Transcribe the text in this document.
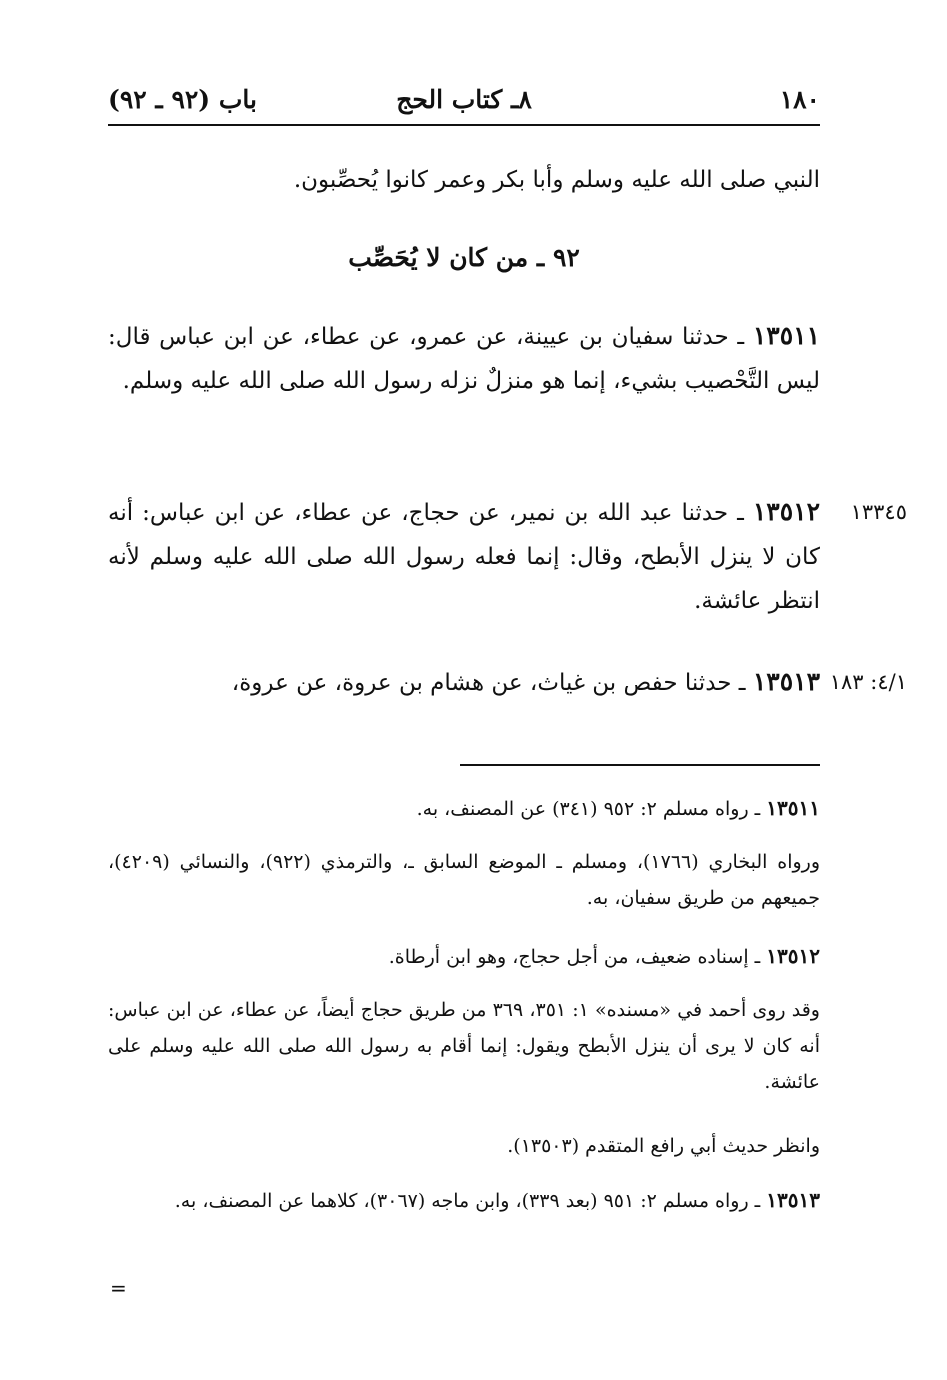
١٨٠
٨ـ كتاب الحج
باب (٩٢ ـ ٩٢)
النبي صلى الله عليه وسلم وأبا بكر وعمر كانوا يُحصِّبون.
٩٢ ـ من كان لا يُحَصِّب
١٣٥١١ ـ حدثنا سفيان بن عيينة، عن عمرو، عن عطاء، عن ابن عباس قال: ليس التَّحْصيب بشيء، إنما هو منزلٌ نزله رسول الله صلى الله عليه وسلم.
١٣٥١٢ ـ حدثنا عبد الله بن نمير، عن حجاج، عن عطاء، عن ابن عباس: أنه كان لا ينزل الأبطح، وقال: إنما فعله رسول الله صلى الله عليه وسلم لأنه انتظر عائشة.
١٣٣٤٥
١٣٥١٣ ـ حدثنا حفص بن غياث، عن هشام بن عروة، عن عروة،	٤/١: ١٨٣
١٣٥١١ ـ رواه مسلم ٢: ٩٥٢ (٣٤١) عن المصنف، به.
ورواه البخاري (١٧٦٦)، ومسلم ـ الموضع السابق ـ، والترمذي (٩٢٢)، والنسائي (٤٢٠٩)، جميعهم من طريق سفيان، به.
١٣٥١٢ ـ إسناده ضعيف، من أجل حجاج، وهو ابن أرطاة.
وقد روى أحمد في «مسنده» ١: ٣٥١، ٣٦٩ من طريق حجاج أيضاً، عن عطاء، عن ابن عباس: أنه كان لا يرى أن ينزل الأبطح ويقول: إنما أقام به رسول الله صلى الله عليه وسلم على عائشة.
وانظر حديث أبي رافع المتقدم (١٣٥٠٣).
١٣٥١٣ ـ رواه مسلم ٢: ٩٥١ (بعد ٣٣٩)، وابن ماجه (٣٠٦٧)، كلاهما عن المصنف، به.
=
